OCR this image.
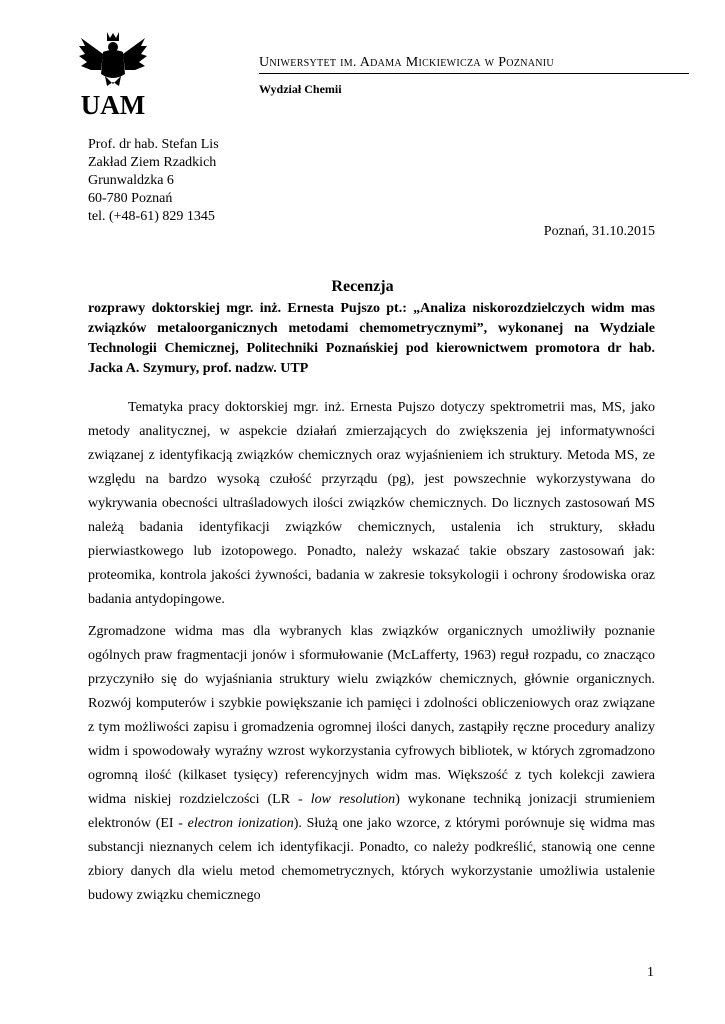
UAM
Uniwersytet im. Adama Mickiewicza w Poznaniu
Wydział Chemii
Prof. dr hab. Stefan Lis
Zakład Ziem Rzadkich
Grunwaldzka 6
60-780 Poznań
tel. (+48-61) 829 1345
Poznań, 31.10.2015
Recenzja
rozprawy doktorskiej mgr. inż. Ernesta Pujszo pt.: „Analiza niskorozdzielczych widm mas związków metaloorganicznych metodami chemometrycznymi”, wykonanej na Wydziale Technologii Chemicznej, Politechniki Poznańskiej pod kierownictwem promotora dr hab. Jacka A. Szymury, prof. nadzw. UTP

Tematyka pracy doktorskiej mgr. inż. Ernesta Pujszo dotyczy spektrometrii mas, MS, jako metody analitycznej, w aspekcie działań zmierzających do zwiększenia jej informatywności związanej z identyfikacją związków chemicznych oraz wyjaśnieniem ich struktury. Metoda MS, ze względu na bardzo wysoką czułość przyrządu (pg), jest powszechnie wykorzystywana do wykrywania obecności ultraśladowych ilości związków chemicznych. Do licznych zastosowań MS należą badania identyfikacji związków chemicznych, ustalenia ich struktury, składu pierwiastkowego lub izotopowego. Ponadto, należy wskazać takie obszary zastosowań jak: proteomika, kontrola jakości żywności, badania w zakresie toksykologii i ochrony środowiska oraz badania antydopingowe.

Zgromadzone widma mas dla wybranych klas związków organicznych umożliwiły poznanie ogólnych praw fragmentacji jonów i sformułowanie (McLafferty, 1963) reguł rozpadu, co znacząco przyczyniło się do wyjaśniania struktury wielu związków chemicznych, głównie organicznych. Rozwój komputerów i szybkie powiększanie ich pamięci i zdolności obliczeniowych oraz związane z tym możliwości zapisu i gromadzenia ogromnej ilości danych, zastąpiły ręczne procedury analizy widm i spowodowały wyraźny wzrost wykorzystania cyfrowych bibliotek, w których zgromadzono ogromną ilość (kilkaset tysięcy) referencyjnych widm mas. Większość z tych kolekcji zawiera widma niskiej rozdzielczości (LR - low resolution) wykonane techniką jonizacji strumieniem elektronów (EI - electron ionization). Służą one jako wzorce, z którymi porównuje się widma mas substancji nieznanych celem ich identyfikacji. Ponadto, co należy podkreślić, stanowią one cenne zbiory danych dla wielu metod chemometrycznych, których wykorzystanie umożliwia ustalenie budowy związku chemicznego

1
